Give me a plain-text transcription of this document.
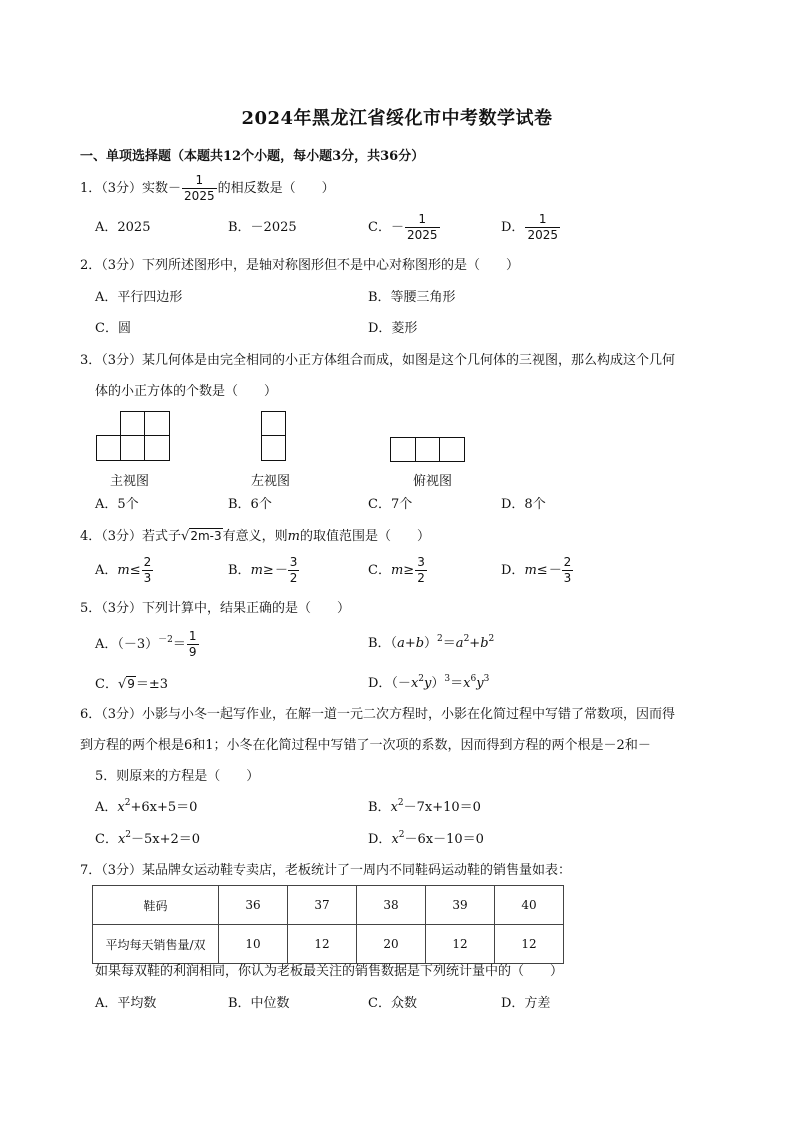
2024年黑龙江省绥化市中考数学试卷
一、单项选择题（本题共12个小题，每小题3分，共36分）
1．（3分）实数－ $\frac{1}{2025}$ 的相反数是（　　）
A．2025	B．－2025	C．－ $\frac{1}{2025}$	D． $\frac{1}{2025}$
2．（3分）下列所述图形中，是轴对称图形但不是中心对称图形的是（　　）
A．平行四边形	B．等腰三角形
C．圆	D．菱形
3．（3分）某几何体是由完全相同的小正方体组合而成，如图是这个几何体的三视图，那么构成这个几何
体的小正方体的个数是（　　）
主视图	左视图	俯视图
A．5个	B．6个	C．7个	D．8个
4．（3分）若式子√2m-3有意义，则m的取值范围是（　　）
A．$m\le \frac{2}{3}$	B．$m\ge- \frac{3}{2}$	C．$m\ge \frac{3}{2}$	D．$m\le- \frac{2}{3}$
5．（3分）下列计算中，结果正确的是（　　）
A．$(-3)^{-2}= \frac{1}{9}$	B．$(a+b)^2=a^2+b^2$
C．√9＝±3	D．$(-x^2y)^3=x^6y^3$
6．（3分）小影与小冬一起写作业，在解一道一元二次方程时，小影在化简过程中写错了常数项，因而得
到方程的两个根是6和1；小冬在化简过程中写错了一次项的系数，因而得到方程的两个根是－2和－
5．则原来的方程是（　　）
A．$x^2+6x+5=0$	B．$x^2-7x+10=0$
C．$x^2-5x+2=0$	D．$x^2-6x-10=0$
7．（3分）某品牌女运动鞋专卖店，老板统计了一周内不同鞋码运动鞋的销售量如表：
鞋码	36	37	38	39	40
平均每天销售量/双	10	12	20	12	12
如果每双鞋的利润相同，你认为老板最关注的销售数据是下列统计量中的（　　）
A．平均数	B．中位数	C．众数	D．方差
